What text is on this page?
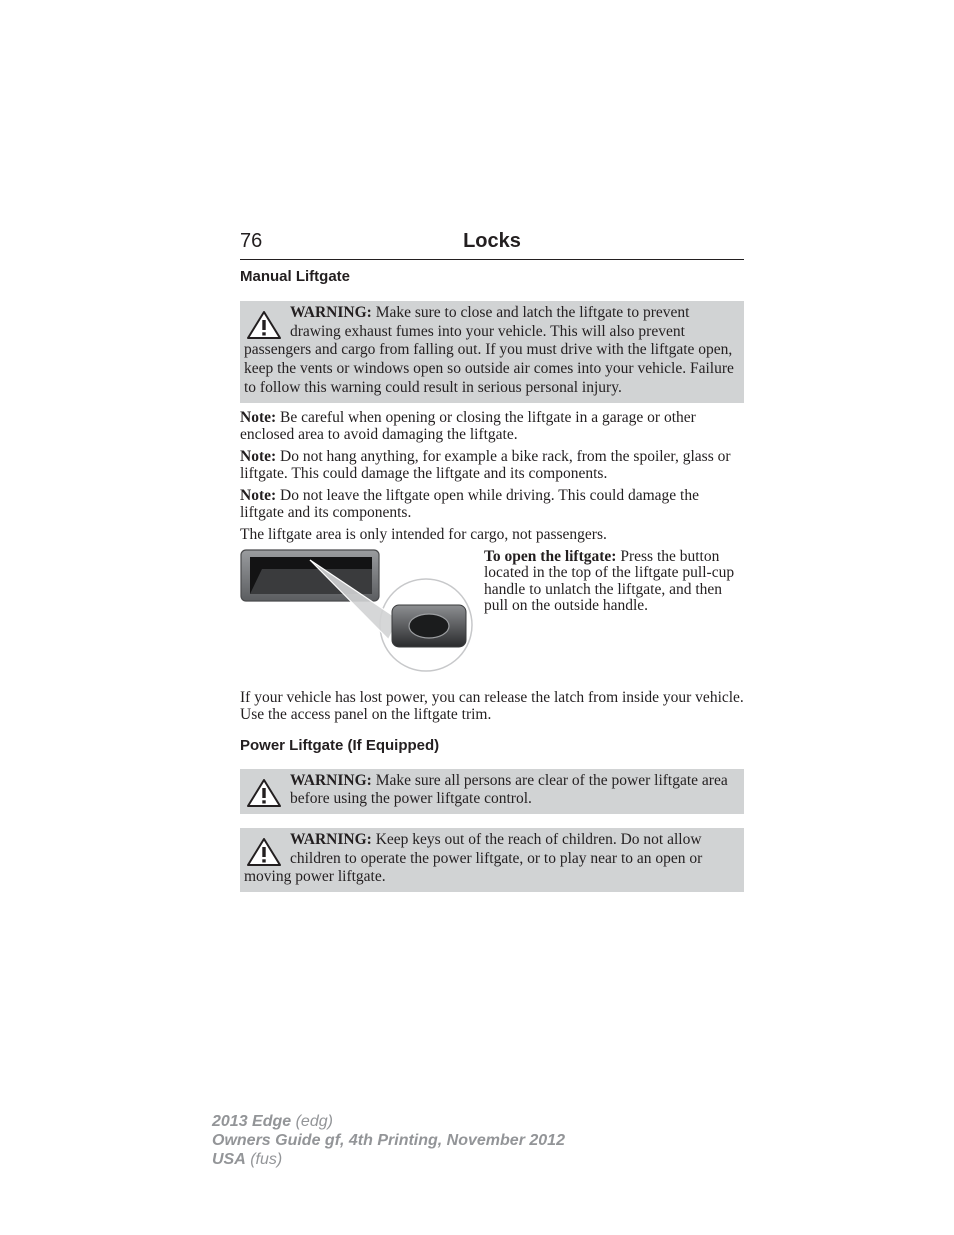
76	Locks

Manual Liftgate

WARNING: Make sure to close and latch the liftgate to prevent drawing exhaust fumes into your vehicle. This will also prevent passengers and cargo from falling out. If you must drive with the liftgate open, keep the vents or windows open so outside air comes into your vehicle. Failure to follow this warning could result in serious personal injury.

Note: Be careful when opening or closing the liftgate in a garage or other enclosed area to avoid damaging the liftgate.

Note: Do not hang anything, for example a bike rack, from the spoiler, glass or liftgate. This could damage the liftgate and its components.

Note: Do not leave the liftgate open while driving. This could damage the liftgate and its components.

The liftgate area is only intended for cargo, not passengers.

To open the liftgate: Press the button located in the top of the liftgate pull-cup handle to unlatch the liftgate, and then pull on the outside handle.

If your vehicle has lost power, you can release the latch from inside your vehicle. Use the access panel on the liftgate trim.

Power Liftgate (If Equipped)

WARNING: Make sure all persons are clear of the power liftgate area before using the power liftgate control.
WARNING: Keep keys out of the reach of children. Do not allow children to operate the power liftgate, or to play near to an open or moving power liftgate.
2013 Edge (edg)
Owners Guide gf, 4th Printing, November 2012
USA (fus)
